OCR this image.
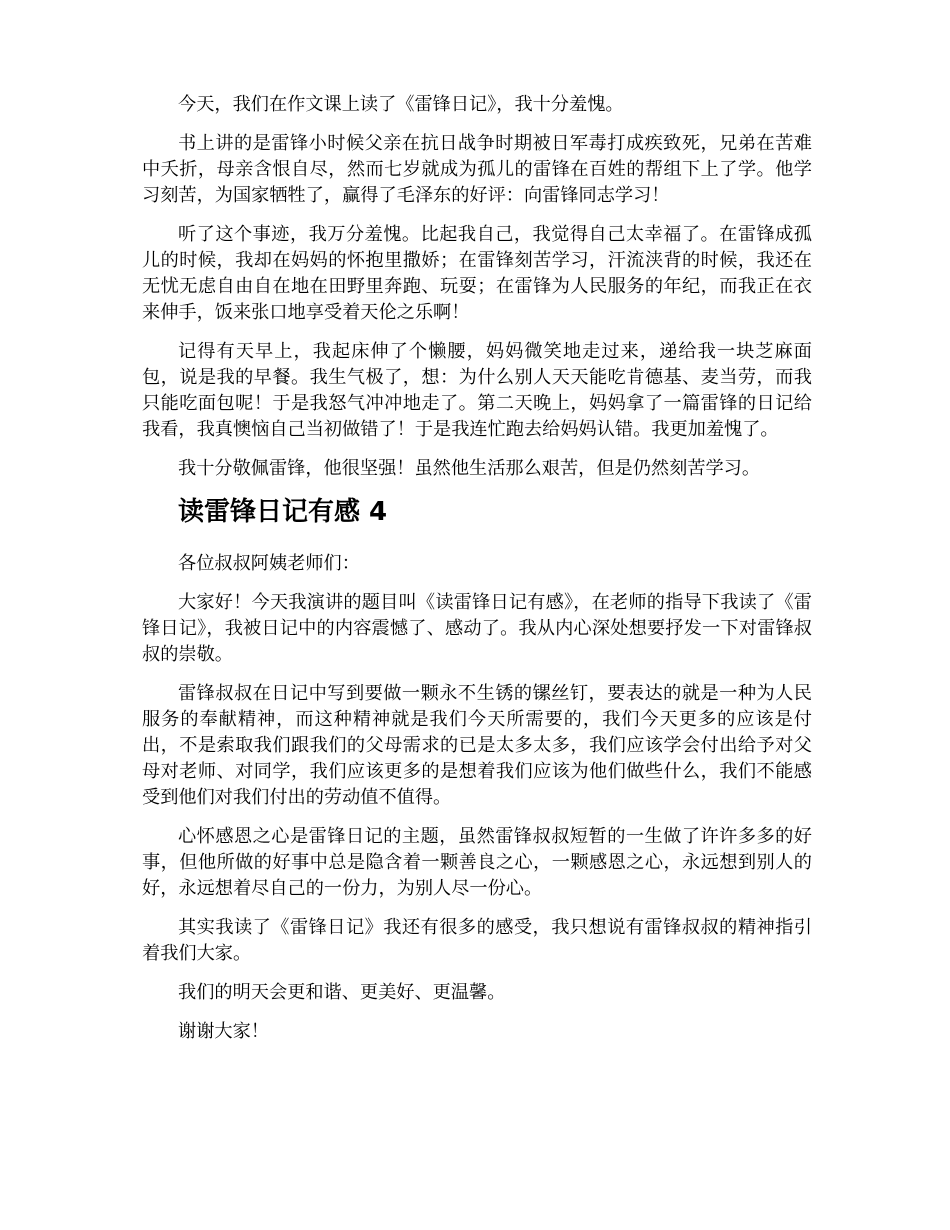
今天，我们在作文课上读了《雷锋日记》，我十分羞愧。

书上讲的是雷锋小时候父亲在抗日战争时期被日军毒打成疾致死，兄弟在苦难中夭折，母亲含恨自尽，然而七岁就成为孤儿的雷锋在百姓的帮组下上了学。他学习刻苦，为国家牺牲了，赢得了毛泽东的好评：向雷锋同志学习！

听了这个事迹，我万分羞愧。比起我自己，我觉得自己太幸福了。在雷锋成孤儿的时候，我却在妈妈的怀抱里撒娇；在雷锋刻苦学习，汗流浃背的时候，我还在无忧无虑自由自在地在田野里奔跑、玩耍；在雷锋为人民服务的年纪，而我正在衣来伸手，饭来张口地享受着天伦之乐啊！

记得有天早上，我起床伸了个懒腰，妈妈微笑地走过来，递给我一块芝麻面包，说是我的早餐。我生气极了，想：为什么别人天天能吃肯德基、麦当劳，而我只能吃面包呢！于是我怒气冲冲地走了。第二天晚上，妈妈拿了一篇雷锋的日记给我看，我真懊恼自己当初做错了！于是我连忙跑去给妈妈认错。我更加羞愧了。

我十分敬佩雷锋，他很坚强！虽然他生活那么艰苦，但是仍然刻苦学习。

读雷锋日记有感 4

各位叔叔阿姨老师们：

大家好！今天我演讲的题目叫《读雷锋日记有感》，在老师的指导下我读了《雷锋日记》，我被日记中的内容震憾了、感动了。我从内心深处想要抒发一下对雷锋叔叔的崇敬。

雷锋叔叔在日记中写到要做一颗永不生锈的镙丝钉，要表达的就是一种为人民服务的奉献精神，而这种精神就是我们今天所需要的，我们今天更多的应该是付出，不是索取我们跟我们的父母需求的已是太多太多，我们应该学会付出给予对父母对老师、对同学，我们应该更多的是想着我们应该为他们做些什么，我们不能感受到他们对我们付出的劳动值不值得。

心怀感恩之心是雷锋日记的主题，虽然雷锋叔叔短暂的一生做了许许多多的好事，但他所做的好事中总是隐含着一颗善良之心，一颗感恩之心，永远想到别人的好，永远想着尽自己的一份力，为别人尽一份心。

其实我读了《雷锋日记》我还有很多的感受，我只想说有雷锋叔叔的精神指引着我们大家。

我们的明天会更和谐、更美好、更温馨。

谢谢大家！
